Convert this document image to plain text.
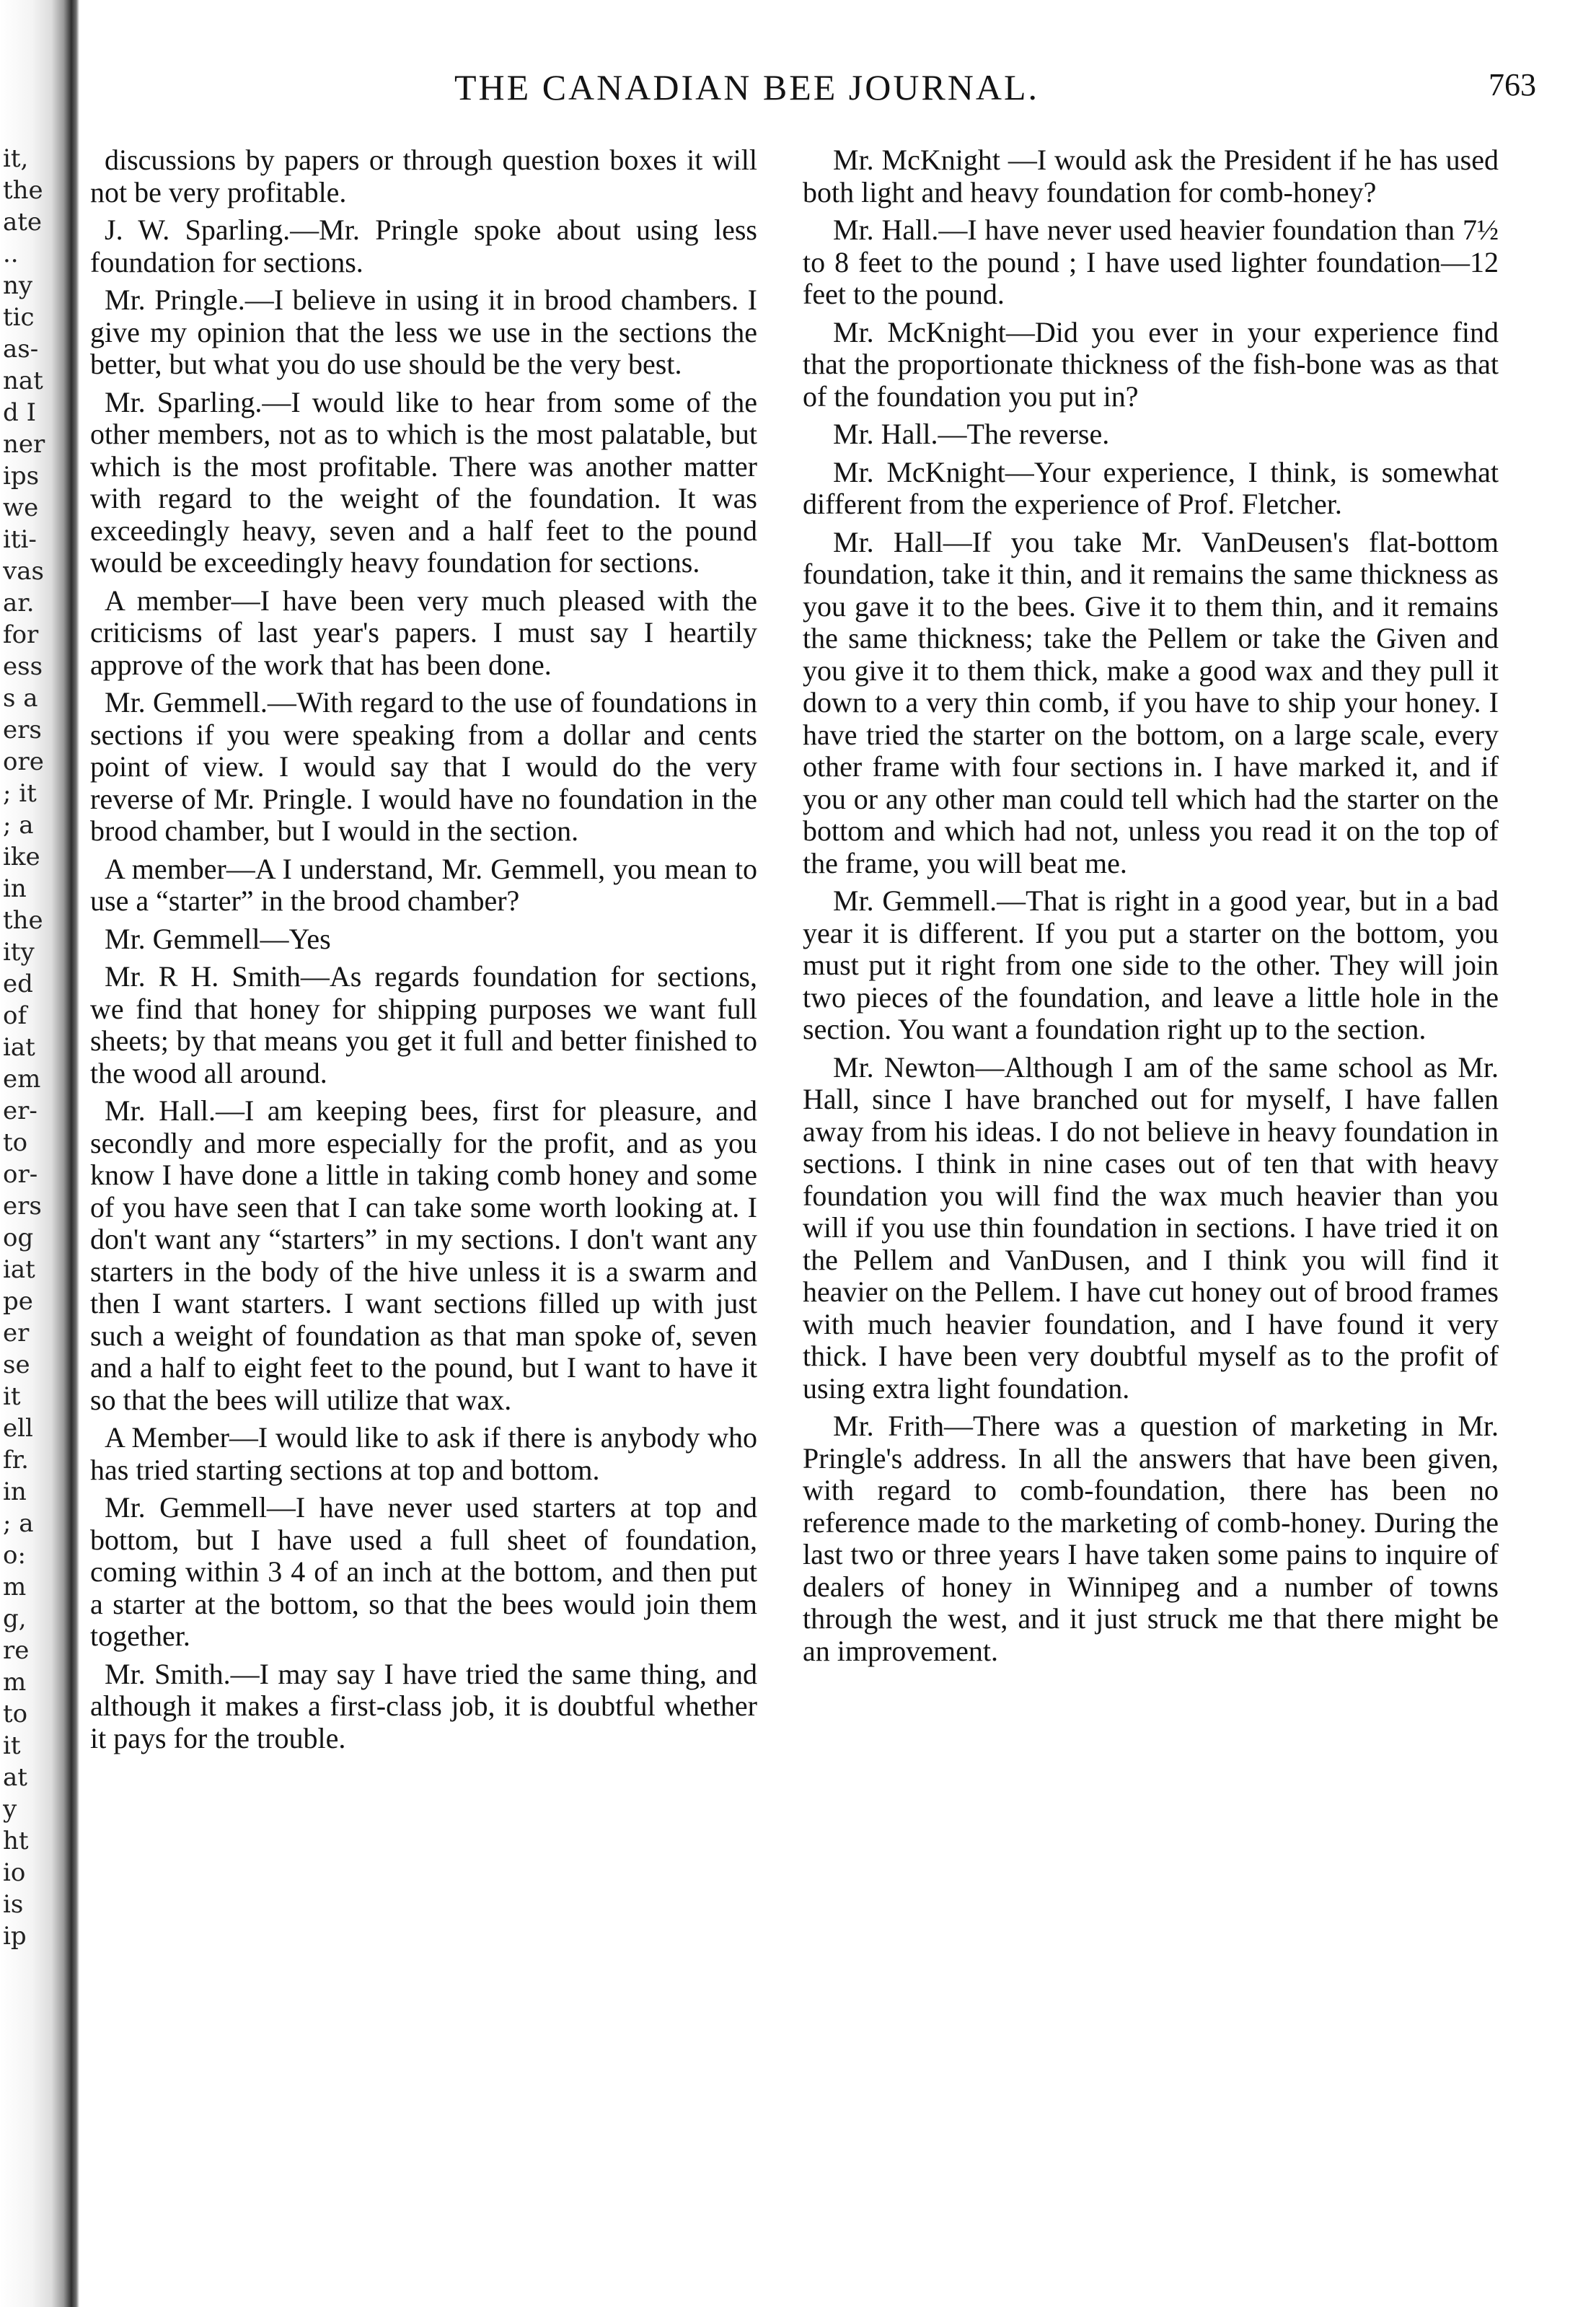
it,
the
ate
..
ny
tic
as-
nat
d I
ner
ips
we
iti-
vas
ar.
for
ess
s a
ers
ore
; it
; a
ike
in
the
ity
ed
of
iat
em
er-
to
or-
ers
og
iat
pe
er
se
it
ell
fr.
in
; a
o:
m
g,
re
m
to
it
at
y
ht
io
is
ip
THE CANADIAN BEE JOURNAL.	763

discussions by papers or through question boxes it will not be very profitable.

J. W. Sparling.—Mr. Pringle spoke about using less foundation for sections.

Mr. Pringle.—I believe in using it in brood chambers. I give my opinion that the less we use in the sections the better, but what you do use should be the very best.

Mr. Sparling.—I would like to hear from some of the other members, not as to which is the most palatable, but which is the most profitable. There was another matter with regard to the weight of the foundation. It was exceedingly heavy, seven and a half feet to the pound would be exceedingly heavy foundation for sections.

A member—I have been very much pleased with the criticisms of last year's papers. I must say I heartily approve of the work that has been done.

Mr. Gemmell.—With regard to the use of foundations in sections if you were speaking from a dollar and cents point of view. I would say that I would do the very reverse of Mr. Pringle. I would have no foundation in the brood chamber, but I would in the section.

A member—A I understand, Mr. Gemmell, you mean to use a “starter” in the brood chamber?

Mr. Gemmell—Yes

Mr. R H. Smith—As regards foundation for sections, we find that honey for shipping purposes we want full sheets; by that means you get it full and better finished to the wood all around.

Mr. Hall.—I am keeping bees, first for pleasure, and secondly and more especially for the profit, and as you know I have done a little in taking comb honey and some of you have seen that I can take some worth looking at. I don't want any “starters” in my sections. I don't want any starters in the body of the hive unless it is a swarm and then I want starters. I want sections filled up with just such a weight of foundation as that man spoke of, seven and a half to eight feet to the pound, but I want to have it so that the bees will utilize that wax.

A Member—I would like to ask if there is anybody who has tried starting sections at top and bottom.

Mr. Gemmell—I have never used starters at top and bottom, but I have used a full sheet of foundation, coming within 3 4 of an inch at the bottom, and then put a starter at the bottom, so that the bees would join them together.

Mr. Smith.—I may say I have tried the same thing, and although it makes a first-class job, it is doubtful whether it pays for the trouble.

Mr. McKnight —I would ask the President if he has used both light and heavy foundation for comb-honey?

Mr. Hall.—I have never used heavier foundation than 7½ to 8 feet to the pound ; I have used lighter foundation—12 feet to the pound.

Mr. McKnight—Did you ever in your experience find that the proportionate thickness of the fish-bone was as that of the foundation you put in?

Mr. Hall.—The reverse.

Mr. McKnight—Your experience, I think, is somewhat different from the experience of Prof. Fletcher.

Mr. Hall—If you take Mr. VanDeusen's flat-bottom foundation, take it thin, and it remains the same thickness as you gave it to the bees. Give it to them thin, and it remains the same thickness; take the Pellem or take the Given and you give it to them thick, make a good wax and they pull it down to a very thin comb, if you have to ship your honey. I have tried the starter on the bottom, on a large scale, every other frame with four sections in. I have marked it, and if you or any other man could tell which had the starter on the bottom and which had not, unless you read it on the top of the frame, you will beat me.

Mr. Gemmell.—That is right in a good year, but in a bad year it is different. If you put a starter on the bottom, you must put it right from one side to the other. They will join two pieces of the foundation, and leave a little hole in the section. You want a foundation right up to the section.

Mr. Newton—Although I am of the same school as Mr. Hall, since I have branched out for myself, I have fallen away from his ideas. I do not believe in heavy foundation in sections. I think in nine cases out of ten that with heavy foundation you will find the wax much heavier than you will if you use thin foundation in sections. I have tried it on the Pellem and VanDusen, and I think you will find it heavier on the Pellem. I have cut honey out of brood frames with much heavier foundation, and I have found it very thick. I have been very doubtful myself as to the profit of using extra light foundation.

Mr. Frith—There was a question of marketing in Mr. Pringle's address. In all the answers that have been given, with regard to comb-foundation, there has been no reference made to the marketing of comb-honey. During the last two or three years I have taken some pains to inquire of dealers of honey in Winnipeg and a number of towns through the west, and it just struck me that there might be an improvement.
